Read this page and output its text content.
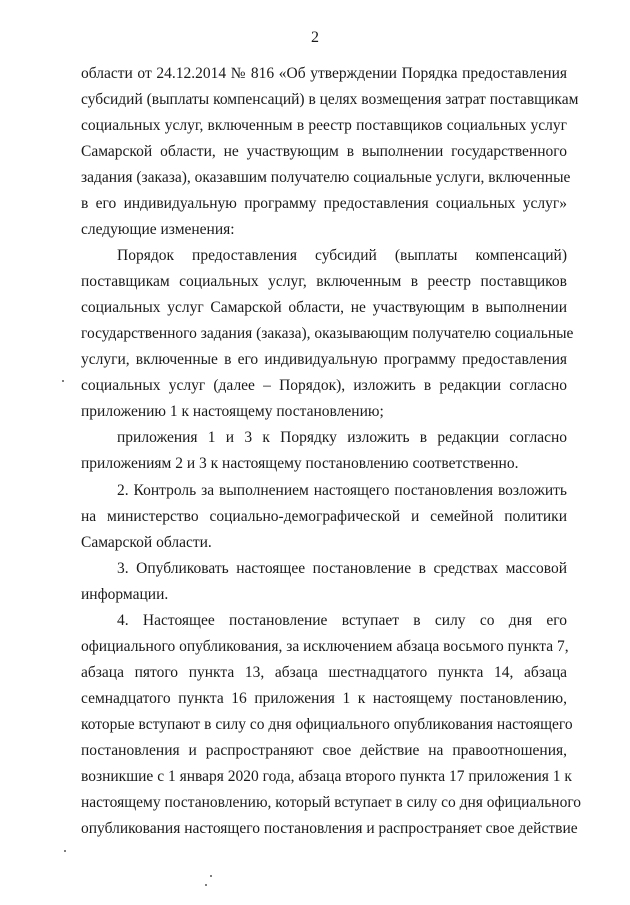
2
области от 24.12.2014 № 816 «Об утверждении Порядка предоставления
субсидий (выплаты компенсаций) в целях возмещения затрат поставщикам
социальных услуг, включенным в реестр поставщиков социальных услуг
Самарской области, не участвующим в выполнении государственного
задания (заказа), оказавшим получателю социальные услуги, включенные
в его индивидуальную программу предоставления социальных услуг»
следующие изменения:
Порядок предоставления субсидий (выплаты компенсаций)
поставщикам социальных услуг, включенным в реестр поставщиков
социальных услуг Самарской области, не участвующим в выполнении
государственного задания (заказа), оказывающим получателю социальные
услуги, включенные в его индивидуальную программу предоставления
социальных услуг (далее – Порядок), изложить в редакции согласно
приложению 1 к настоящему постановлению;
приложения 1 и 3 к Порядку изложить в редакции согласно
приложениям 2 и 3 к настоящему постановлению соответственно.
2. Контроль за выполнением настоящего постановления возложить
на министерство социально-демографической и семейной политики
Самарской области.
3. Опубликовать настоящее постановление в средствах массовой
информации.
4. Настоящее постановление вступает в силу со дня его
официального опубликования, за исключением абзаца восьмого пункта 7,
абзаца пятого пункта 13, абзаца шестнадцатого пункта 14, абзаца
семнадцатого пункта 16 приложения 1 к настоящему постановлению,
которые вступают в силу со дня официального опубликования настоящего
постановления и распространяют свое действие на правоотношения,
возникшие с 1 января 2020 года, абзаца второго пункта 17 приложения 1 к
настоящему постановлению, который вступает в силу со дня официального
опубликования настоящего постановления и распространяет свое действие
